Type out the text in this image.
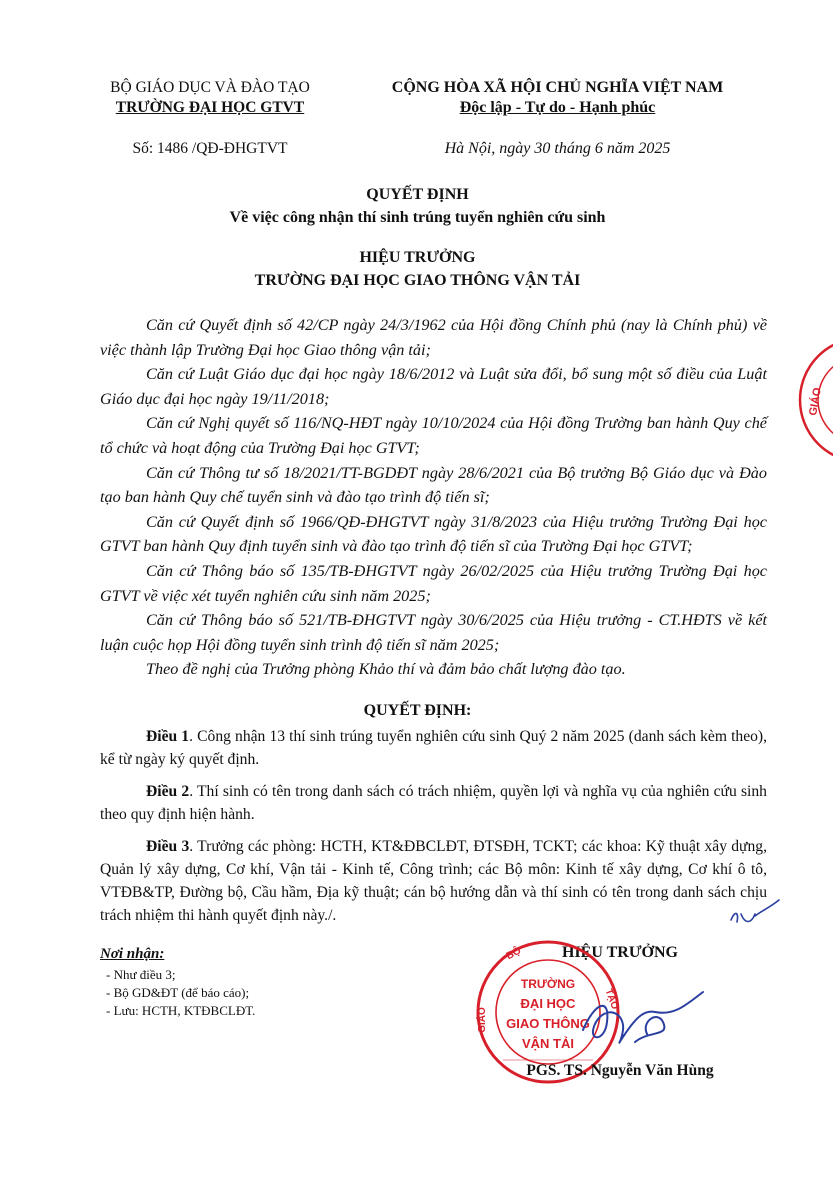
BỘ GIÁO DỤC VÀ ĐÀO TẠO
TRƯỜNG ĐẠI HỌC GTVT
CỘNG HÒA XÃ HỘI CHỦ NGHĨA VIỆT NAM
Độc lập - Tự do - Hạnh phúc
Số: 1486 /QĐ-ĐHGTVT	Hà Nội, ngày 30 tháng 6 năm 2025
QUYẾT ĐỊNH
Về việc công nhận thí sinh trúng tuyển nghiên cứu sinh
HIỆU TRƯỞNG
TRƯỜNG ĐẠI HỌC GIAO THÔNG VẬN TẢI

Căn cứ Quyết định số 42/CP ngày 24/3/1962 của Hội đồng Chính phủ (nay là Chính phủ) về việc thành lập Trường Đại học Giao thông vận tải;

Căn cứ Luật Giáo dục đại học ngày 18/6/2012 và Luật sửa đổi, bổ sung một số điều của Luật Giáo dục đại học ngày 19/11/2018;

Căn cứ Nghị quyết số 116/NQ-HĐT ngày 10/10/2024 của Hội đồng Trường ban hành Quy chế tổ chức và hoạt động của Trường Đại học GTVT;

Căn cứ Thông tư số 18/2021/TT-BGDĐT ngày 28/6/2021 của Bộ trưởng Bộ Giáo dục và Đào tạo ban hành Quy chế tuyển sinh và đào tạo trình độ tiến sĩ;

Căn cứ Quyết định số 1966/QĐ-ĐHGTVT ngày 31/8/2023 của Hiệu trưởng Trường Đại học GTVT ban hành Quy định tuyển sinh và đào tạo trình độ tiến sĩ của Trường Đại học GTVT;

Căn cứ Thông báo số 135/TB-ĐHGTVT ngày 26/02/2025 của Hiệu trưởng Trường Đại học GTVT về việc xét tuyển nghiên cứu sinh năm 2025;

Căn cứ Thông báo số 521/TB-ĐHGTVT ngày 30/6/2025 của Hiệu trưởng - CT.HĐTS về kết luận cuộc họp Hội đồng tuyển sinh trình độ tiến sĩ năm 2025;

Theo đề nghị của Trưởng phòng Khảo thí và đảm bảo chất lượng đào tạo.

QUYẾT ĐỊNH:

Điều 1. Công nhận 13 thí sinh trúng tuyển nghiên cứu sinh Quý 2 năm 2025 (danh sách kèm theo), kể từ ngày ký quyết định.

Điều 2. Thí sinh có tên trong danh sách có trách nhiệm, quyền lợi và nghĩa vụ của nghiên cứu sinh theo quy định hiện hành.

Điều 3. Trưởng các phòng: HCTH, KT&ĐBCLĐT, ĐTSĐH, TCKT; các khoa: Kỹ thuật xây dựng, Quản lý xây dựng, Cơ khí, Vận tải - Kinh tế, Công trình; các Bộ môn: Kinh tế xây dựng, Cơ khí ô tô, VTĐB&TP, Đường bộ, Cầu hầm, Địa kỹ thuật; cán bộ hướng dẫn và thí sinh có tên trong danh sách chịu trách nhiệm thi hành quyết định này./.

Nơi nhận:
- Như điều 3;
- Bộ GD&ĐT (để báo cáo);
- Lưu: HCTH, KTĐBCLĐT.
GIÁO
HIỆU TRƯỞNG
TRƯỜNG
ĐẠI HỌC
GIAO THÔNG
VẬN TẢI
BỘ
GIÁO
TẠO
PGS. TS. Nguyễn Văn Hùng
